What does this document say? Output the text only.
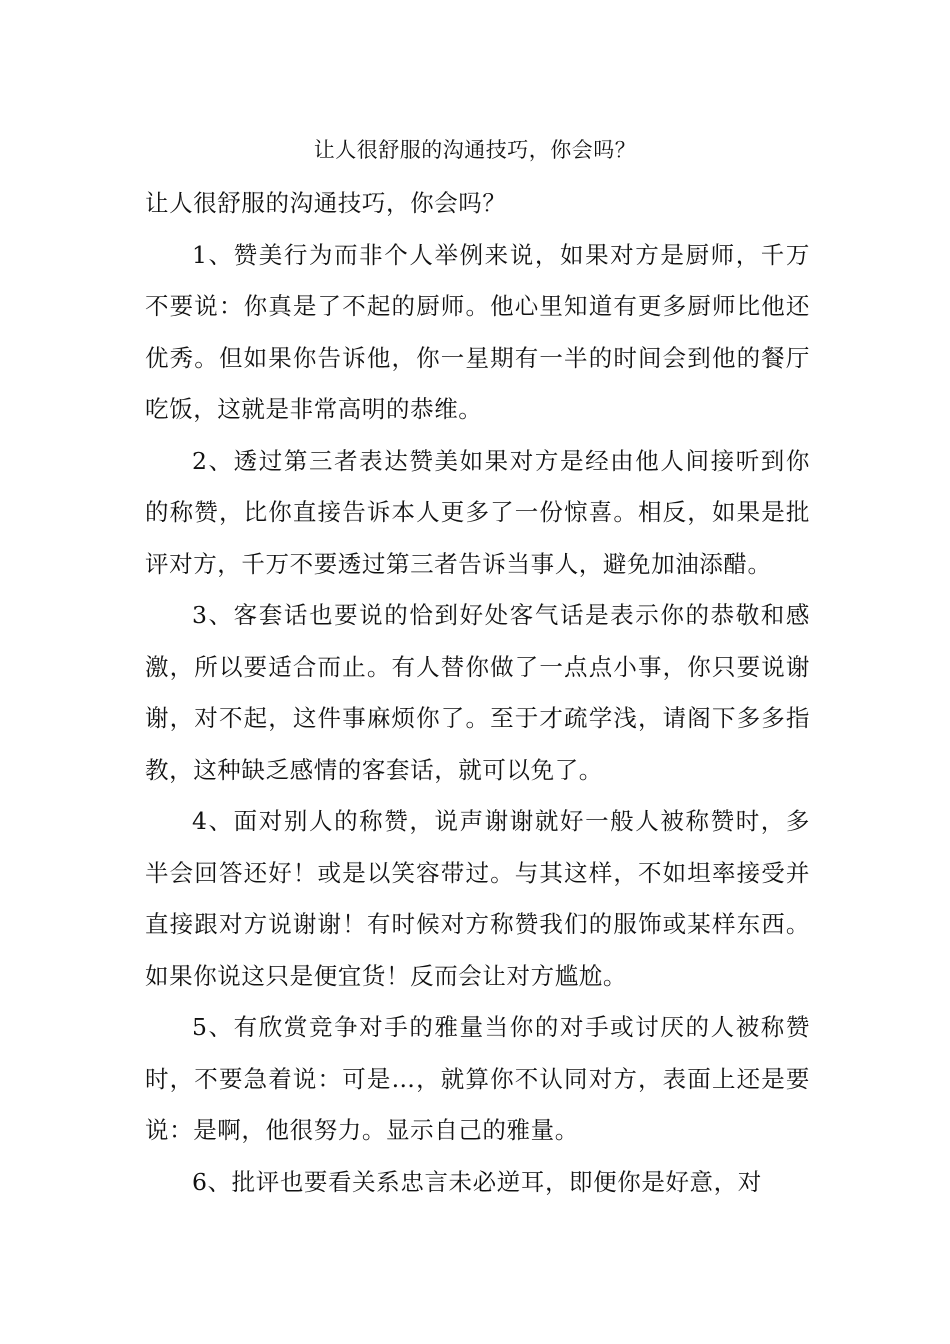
让人很舒服的沟通技巧，你会吗？

让人很舒服的沟通技巧，你会吗？

1、赞美行为而非个人举例来说，如果对方是厨师，千万不要说：你真是了不起的厨师。他心里知道有更多厨师比他还优秀。但如果你告诉他，你一星期有一半的时间会到他的餐厅吃饭，这就是非常高明的恭维。

2、透过第三者表达赞美如果对方是经由他人间接听到你的称赞，比你直接告诉本人更多了一份惊喜。相反，如果是批评对方，千万不要透过第三者告诉当事人，避免加油添醋。

3、客套话也要说的恰到好处客气话是表示你的恭敬和感激，所以要适合而止。有人替你做了一点点小事，你只要说谢谢，对不起，这件事麻烦你了。至于才疏学浅，请阁下多多指教，这种缺乏感情的客套话，就可以免了。

4、面对别人的称赞，说声谢谢就好一般人被称赞时，多半会回答还好！或是以笑容带过。与其这样，不如坦率接受并直接跟对方说谢谢！有时候对方称赞我们的服饰或某样东西。如果你说这只是便宜货！反而会让对方尴尬。

5、有欣赏竞争对手的雅量当你的对手或讨厌的人被称赞时，不要急着说：可是…，就算你不认同对方，表面上还是要说：是啊，他很努力。显示自己的雅量。

6、批评也要看关系忠言未必逆耳，即便你是好意，对
